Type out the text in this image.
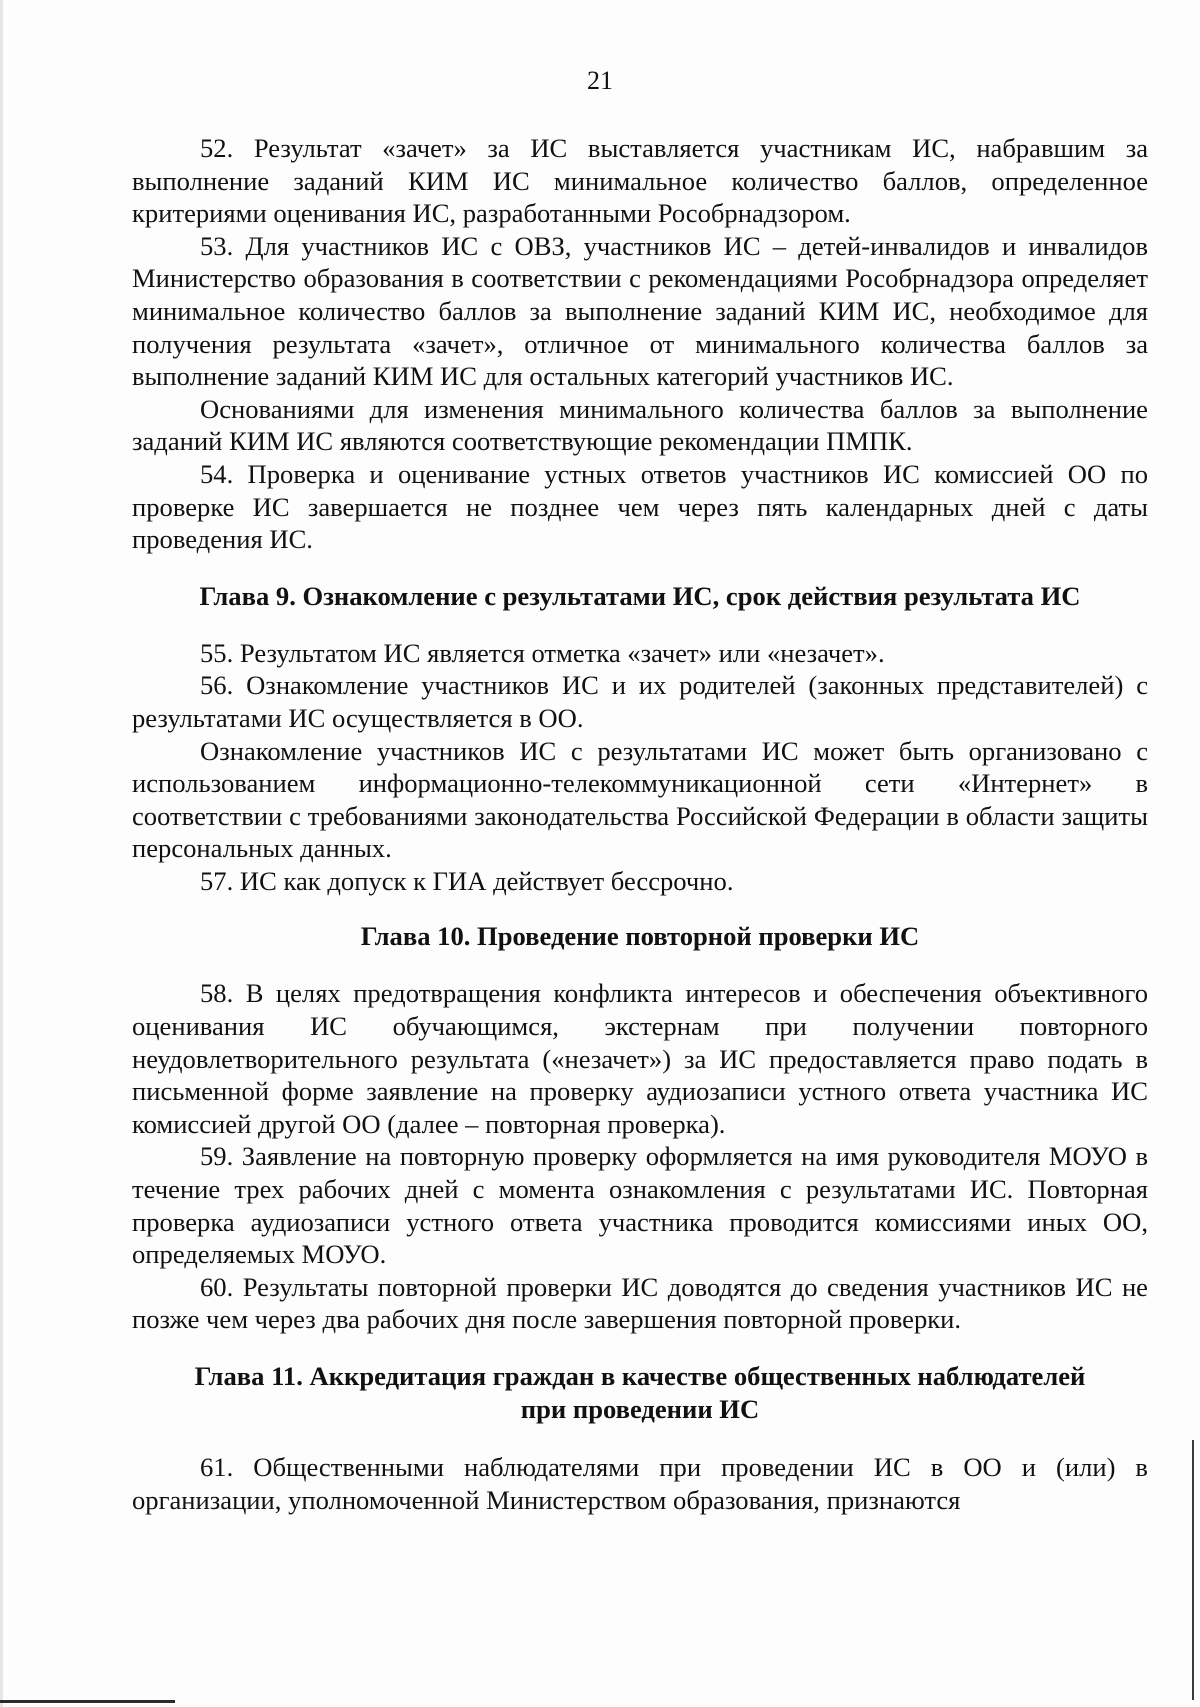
21

52. Результат «зачет» за ИС выставляется участникам ИС, набравшим за выполнение заданий КИМ ИС минимальное количество баллов, определенное критериями оценивания ИС, разработанными Рособрнадзором.

53. Для участников ИС с ОВЗ, участников ИС – детей-инвалидов и инвалидов Министерство образования в соответствии с рекомендациями Рособрнадзора определяет минимальное количество баллов за выполнение заданий КИМ ИС, необходимое для получения результата «зачет», отличное от минимального количества баллов за выполнение заданий КИМ ИС для остальных категорий участников ИС.

Основаниями для изменения минимального количества баллов за выполнение заданий КИМ ИС являются соответствующие рекомендации ПМПК.

54. Проверка и оценивание устных ответов участников ИС комиссией ОО по проверке ИС завершается не позднее чем через пять календарных дней с даты проведения ИС.

Глава 9. Ознакомление с результатами ИС, срок действия результата ИС

55. Результатом ИС является отметка «зачет» или «незачет».

56. Ознакомление участников ИС и их родителей (законных представителей) с результатами ИС осуществляется в ОО.

Ознакомление участников ИС с результатами ИС может быть организовано с использованием информационно-телекоммуникационной сети «Интернет» в соответствии с требованиями законодательства Российской Федерации в области защиты персональных данных.

57. ИС как допуск к ГИА действует бессрочно.

Глава 10. Проведение повторной проверки ИС

58. В целях предотвращения конфликта интересов и обеспечения объективного оценивания ИС обучающимся, экстернам при получении повторного неудовлетворительного результата («незачет») за ИС предоставляется право подать в письменной форме заявление на проверку аудиозаписи устного ответа участника ИС комиссией другой ОО (далее – повторная проверка).

59. Заявление на повторную проверку оформляется на имя руководителя МОУО в течение трех рабочих дней с момента ознакомления с результатами ИС. Повторная проверка аудиозаписи устного ответа участника проводится комиссиями иных ОО, определяемых МОУО.

60. Результаты повторной проверки ИС доводятся до сведения участников ИС не позже чем через два рабочих дня после завершения повторной проверки.

Глава 11. Аккредитация граждан в качестве общественных наблюдателей
при проведении ИС

61. Общественными наблюдателями при проведении ИС в ОО и (или) в организации, уполномоченной Министерством образования, признаются
